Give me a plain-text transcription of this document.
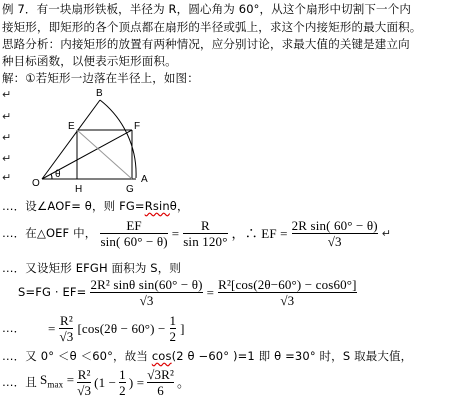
例 7．有一块扇形铁板，半径为 R，圆心角为 60°，从这个扇形中切割下一个内
接矩形，即矩形的各个顶点都在扇形的半径或弧上，求这个内接矩形的最大面积。
思路分析：内接矩形的放置有两种情况，应分别讨论，求最大值的关键是建立向
种目标函数，以便表示矩形面积。
解：①若矩形一边落在半径上，如图：
↵
↵
↵
↵
↵
B
E	F
O
θ
H	G
A
…．设∠AOF= θ，则 FG=Rsinθ，
…．在△OEF 中， $\frac{EF}{\sin( 60^\circ - \theta)} = \frac{R}{\sin 120^\circ}$ ，∴ EF = $\frac{\text{2R sin( 60° − θ)}}{√3}$ ↵
…．又设矩形 EFGH 面积为 S，则
$S=FG \cdot EF= \frac{\text{2R² sinθ sin(60° − θ)}}{√3} = \frac{\text{R²[cos(2θ−60°) − cos60°]}}{√3}$
…．	= $\frac{\text{R²}}{√3} [\cos(2\theta - 60^\circ) - \frac{1}{2}$ ]
…．又 0° ＜θ ＜60°，故当 cos(2 θ −60° )=1 即 θ =30° 时，S 取最大值，
…．且 $S_{max} = \frac{\text{R²}}{√3} (1 - \frac{1}{2}$ ) = $\frac{\text{√3R²}}{6}$ 。
